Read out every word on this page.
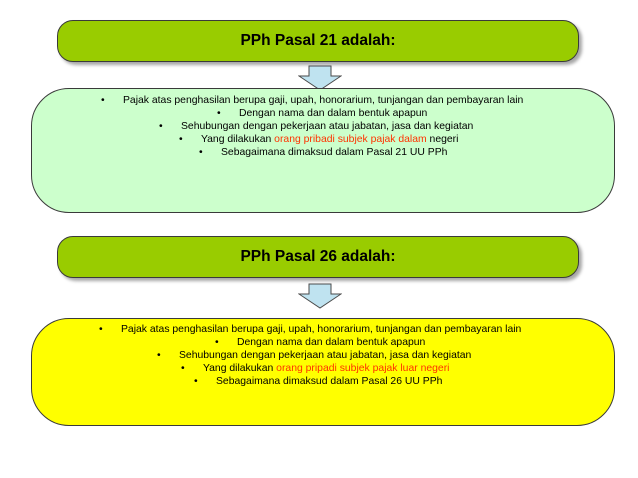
PPh Pasal 21 adalah:
• Pajak atas penghasilan berupa gaji, upah, honorarium, tunjangan dan pembayaran lain
• Dengan nama dan dalam bentuk apapun
• Sehubungan dengan pekerjaan atau jabatan, jasa dan kegiatan
• Yang dilakukan orang pribadi subjek pajak dalam negeri
• Sebagaimana dimaksud dalam Pasal 21 UU PPh
PPh Pasal 26 adalah:
• Pajak atas penghasilan berupa gaji, upah, honorarium, tunjangan dan pembayaran lain
• Dengan nama dan dalam bentuk apapun
• Sehubungan dengan pekerjaan atau jabatan, jasa dan kegiatan
• Yang dilakukan orang pripadi subjek pajak luar negeri
• Sebagaimana dimaksud dalam Pasal 26 UU PPh
